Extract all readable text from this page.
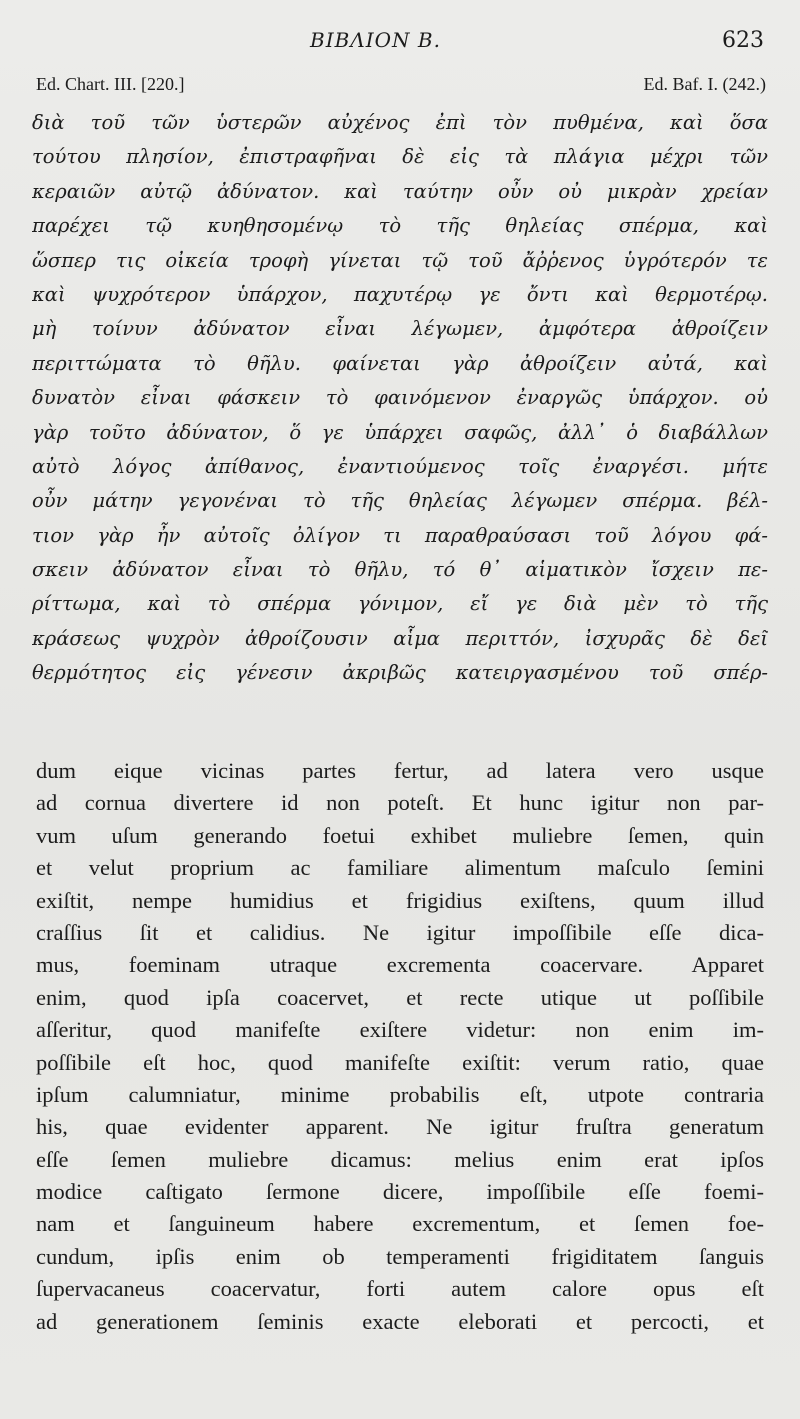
ΒΙΒΛΙΟΝ Β.	623
Ed. Chart. III. [220.]	Ed. Baf. I. (242.)
διὰ τοῦ τῶν ὑστερῶν αὐχένος ἐπὶ τὸν πυθμένα, καὶ ὅσα
τούτου πλησίον, ἐπιστραφῆναι δὲ εἰς τὰ πλάγια μέχρι τῶν
κεραιῶν αὐτῷ ἀδύνατον. καὶ ταύτην οὖν οὐ μικρὰν χρείαν
παρέχει τῷ κυηθησομένῳ τὸ τῆς θηλείας σπέρμα, καὶ
ὥσπερ τις οἰκεία τροφὴ γίνεται τῷ τοῦ ἄῤῥενος ὑγρότερόν τε
καὶ ψυχρότερον ὑπάρχον, παχυτέρῳ γε ὄντι καὶ θερμοτέρῳ.
μὴ τοίνυν ἀδύνατον εἶναι λέγωμεν, ἀμφότερα ἀθροίζειν
περιττώματα τὸ θῆλυ. φαίνεται γὰρ ἀθροίζειν αὐτά, καὶ
δυνατὸν εἶναι φάσκειν τὸ φαινόμενον ἐναργῶς ὑπάρχον. οὐ
γὰρ τοῦτο ἀδύνατον, ὅ γε ὑπάρχει σαφῶς, ἀλλ᾽ ὁ διαβάλλων
αὐτὸ λόγος ἀπίθανος, ἐναντιούμενος τοῖς ἐναργέσι. μήτε
οὖν μάτην γεγονέναι τὸ τῆς θηλείας λέγωμεν σπέρμα. βέλ-
τιον γὰρ ἦν αὐτοῖς ὀλίγον τι παραθραύσασι τοῦ λόγου φά-
σκειν ἀδύνατον εἶναι τὸ θῆλυ, τό θ᾽ αἱματικὸν ἴσχειν πε-
ρίττωμα, καὶ τὸ σπέρμα γόνιμον, εἴ γε διὰ μὲν τὸ τῆς
κράσεως ψυχρὸν ἀθροίζουσιν αἷμα περιττόν, ἰσχυρᾶς δὲ δεῖ
θερμότητος εἰς γένεσιν ἀκριβῶς κατειργασμένου τοῦ σπέρ-
dum eique vicinas partes fertur, ad latera vero usque
ad cornua divertere id non poteſt. Et hunc igitur non par-
vum uſum generando foetui exhibet muliebre ſemen, quin
et velut proprium ac familiare alimentum maſculo ſemini
exiſtit, nempe humidius et frigidius exiſtens, quum illud
craſſius ſit et calidius. Ne igitur impoſſibile eſſe dica-
mus, foeminam utraque excrementa coacervare. Apparet
enim, quod ipſa coacervet, et recte utique ut poſſibile
aſſeritur, quod manifeſte exiſtere videtur: non enim im-
poſſibile eſt hoc, quod manifeſte exiſtit: verum ratio, quae
ipſum calumniatur, minime probabilis eſt, utpote contraria
his, quae evidenter apparent. Ne igitur fruſtra generatum
eſſe ſemen muliebre dicamus: melius enim erat ipſos
modice caſtigato ſermone dicere, impoſſibile eſſe foemi-
nam et ſanguineum habere excrementum, et ſemen foe-
cundum, ipſis enim ob temperamenti frigiditatem ſanguis
ſupervacaneus coacervatur, forti autem calore opus eſt
ad generationem ſeminis exacte eleborati et percocti, et
